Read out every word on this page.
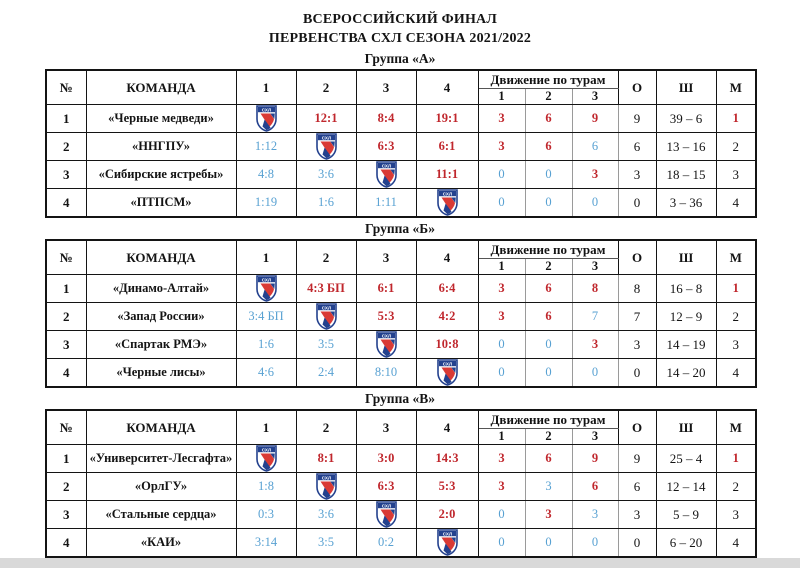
ВСЕРОССИЙСКИЙ ФИНАЛ
ПЕРВЕНСТВА СХЛ СЕЗОНА 2021/2022
Группа «А»
№	КОМАНДА	1	2	3	4	Движение по турам			О	Ш	М
						1	2	3			
1	«Черные медведи»	СХЛ	12:1	8:4	19:1	3	6	9	9	39 – 6	1
2	«ННГПУ»	1:12	СХЛ	6:3	6:1	3	6	6	6	13 – 16	2
3	«Сибирские ястребы»	4:8	3:6	СХЛ	11:1	0	0	3	3	18 – 15	3
4	«ПТПСМ»	1:19	1:6	1:11	СХЛ	0	0	0	0	3 – 36	4
Группа «Б»
№	КОМАНДА	1	2	3	4	Движение по турам			О	Ш	М
						1	2	3			
1	«Динамо-Алтай»	СХЛ	4:3 БП	6:1	6:4	3	6	8	8	16 – 8	1
2	«Запад России»	3:4 БП	СХЛ	5:3	4:2	3	6	7	7	12 – 9	2
3	«Спартак РМЭ»	1:6	3:5	СХЛ	10:8	0	0	3	3	14 – 19	3
4	«Черные лисы»	4:6	2:4	8:10	СХЛ	0	0	0	0	14 – 20	4
Группа «В»
№	КОМАНДА	1	2	3	4	Движение по турам			О	Ш	М
						1	2	3			
1	«Университет-Лесгафта»	СХЛ	8:1	3:0	14:3	3	6	9	9	25 – 4	1
2	«ОрлГУ»	1:8	СХЛ	6:3	5:3	3	3	6	6	12 – 14	2
3	«Стальные сердца»	0:3	3:6	СХЛ	2:0	0	3	3	3	5 – 9	3
4	«КАИ»	3:14	3:5	0:2	СХЛ	0	0	0	0	6 – 20	4
